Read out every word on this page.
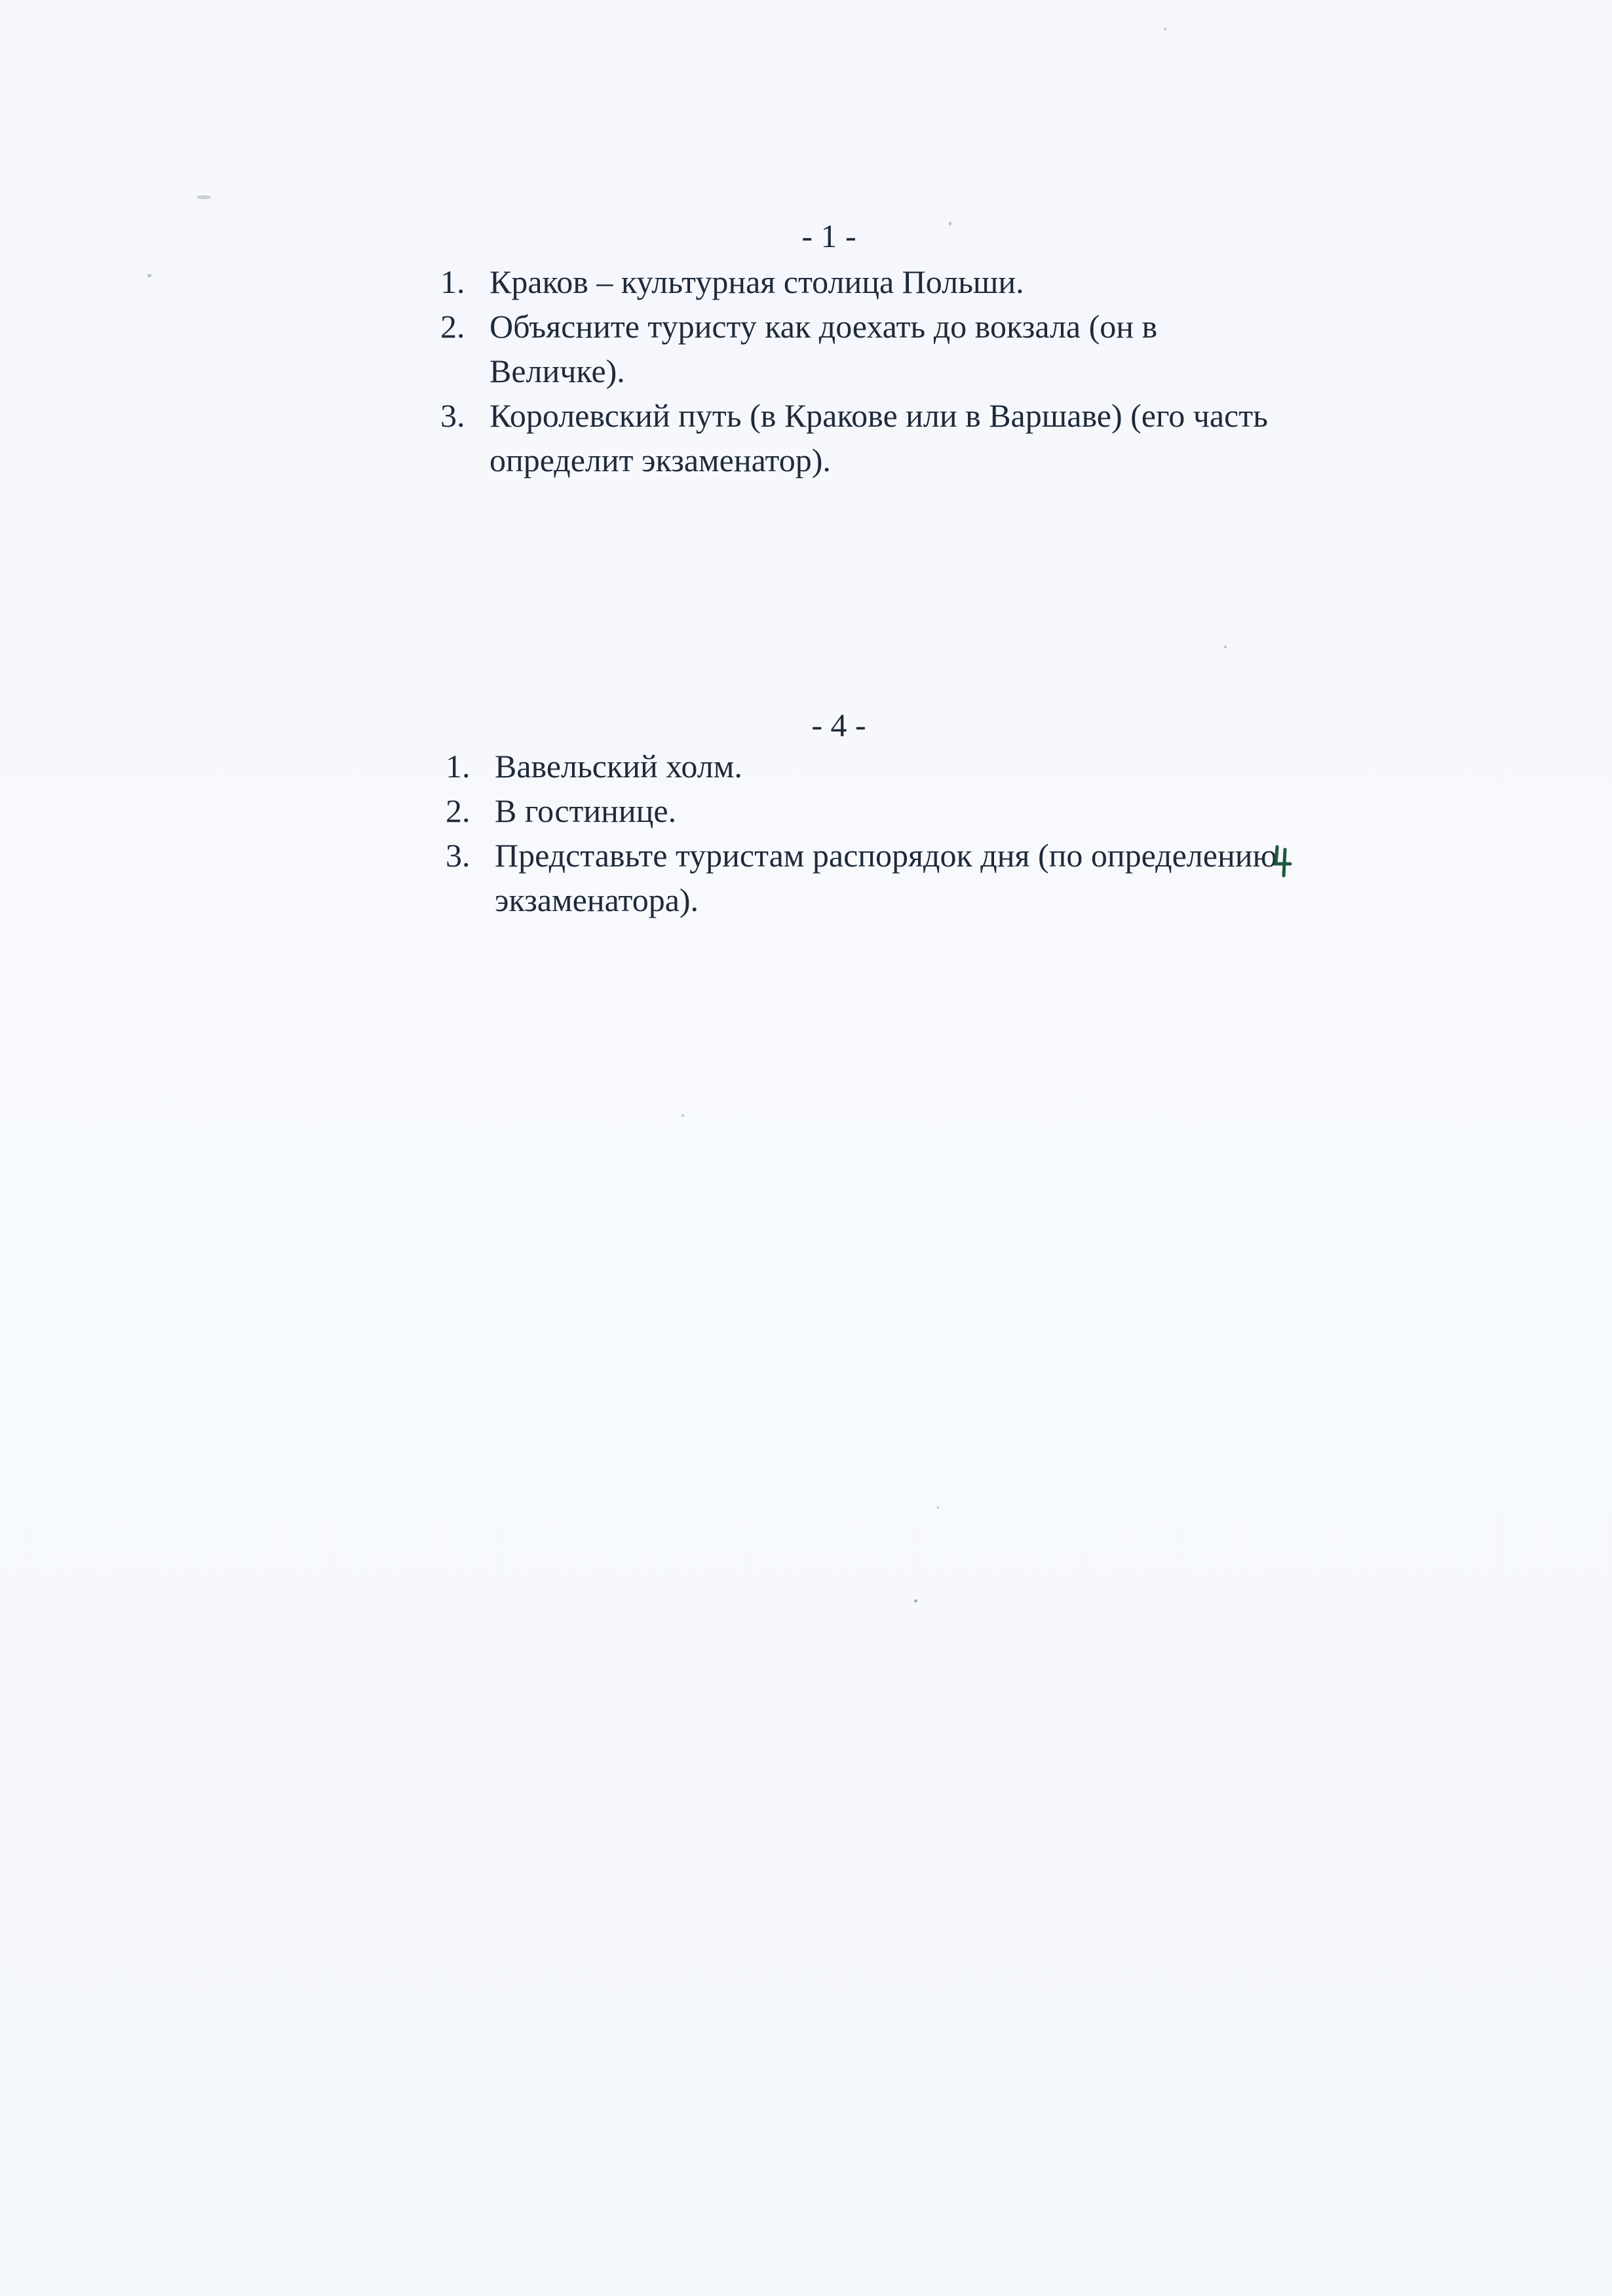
- 1 -
1. Краков – культурная столица Польши.
2. Объясните туристу как доехать до вокзала (он в
Величке).
3. Королевский путь (в Кракове или в Варшаве) (его часть
определит экзаменатор).
- 4 -
1. Вавельский холм.
2. В гостинице.
3. Представьте туристам распорядок дня (по определению
экзаменатора).
